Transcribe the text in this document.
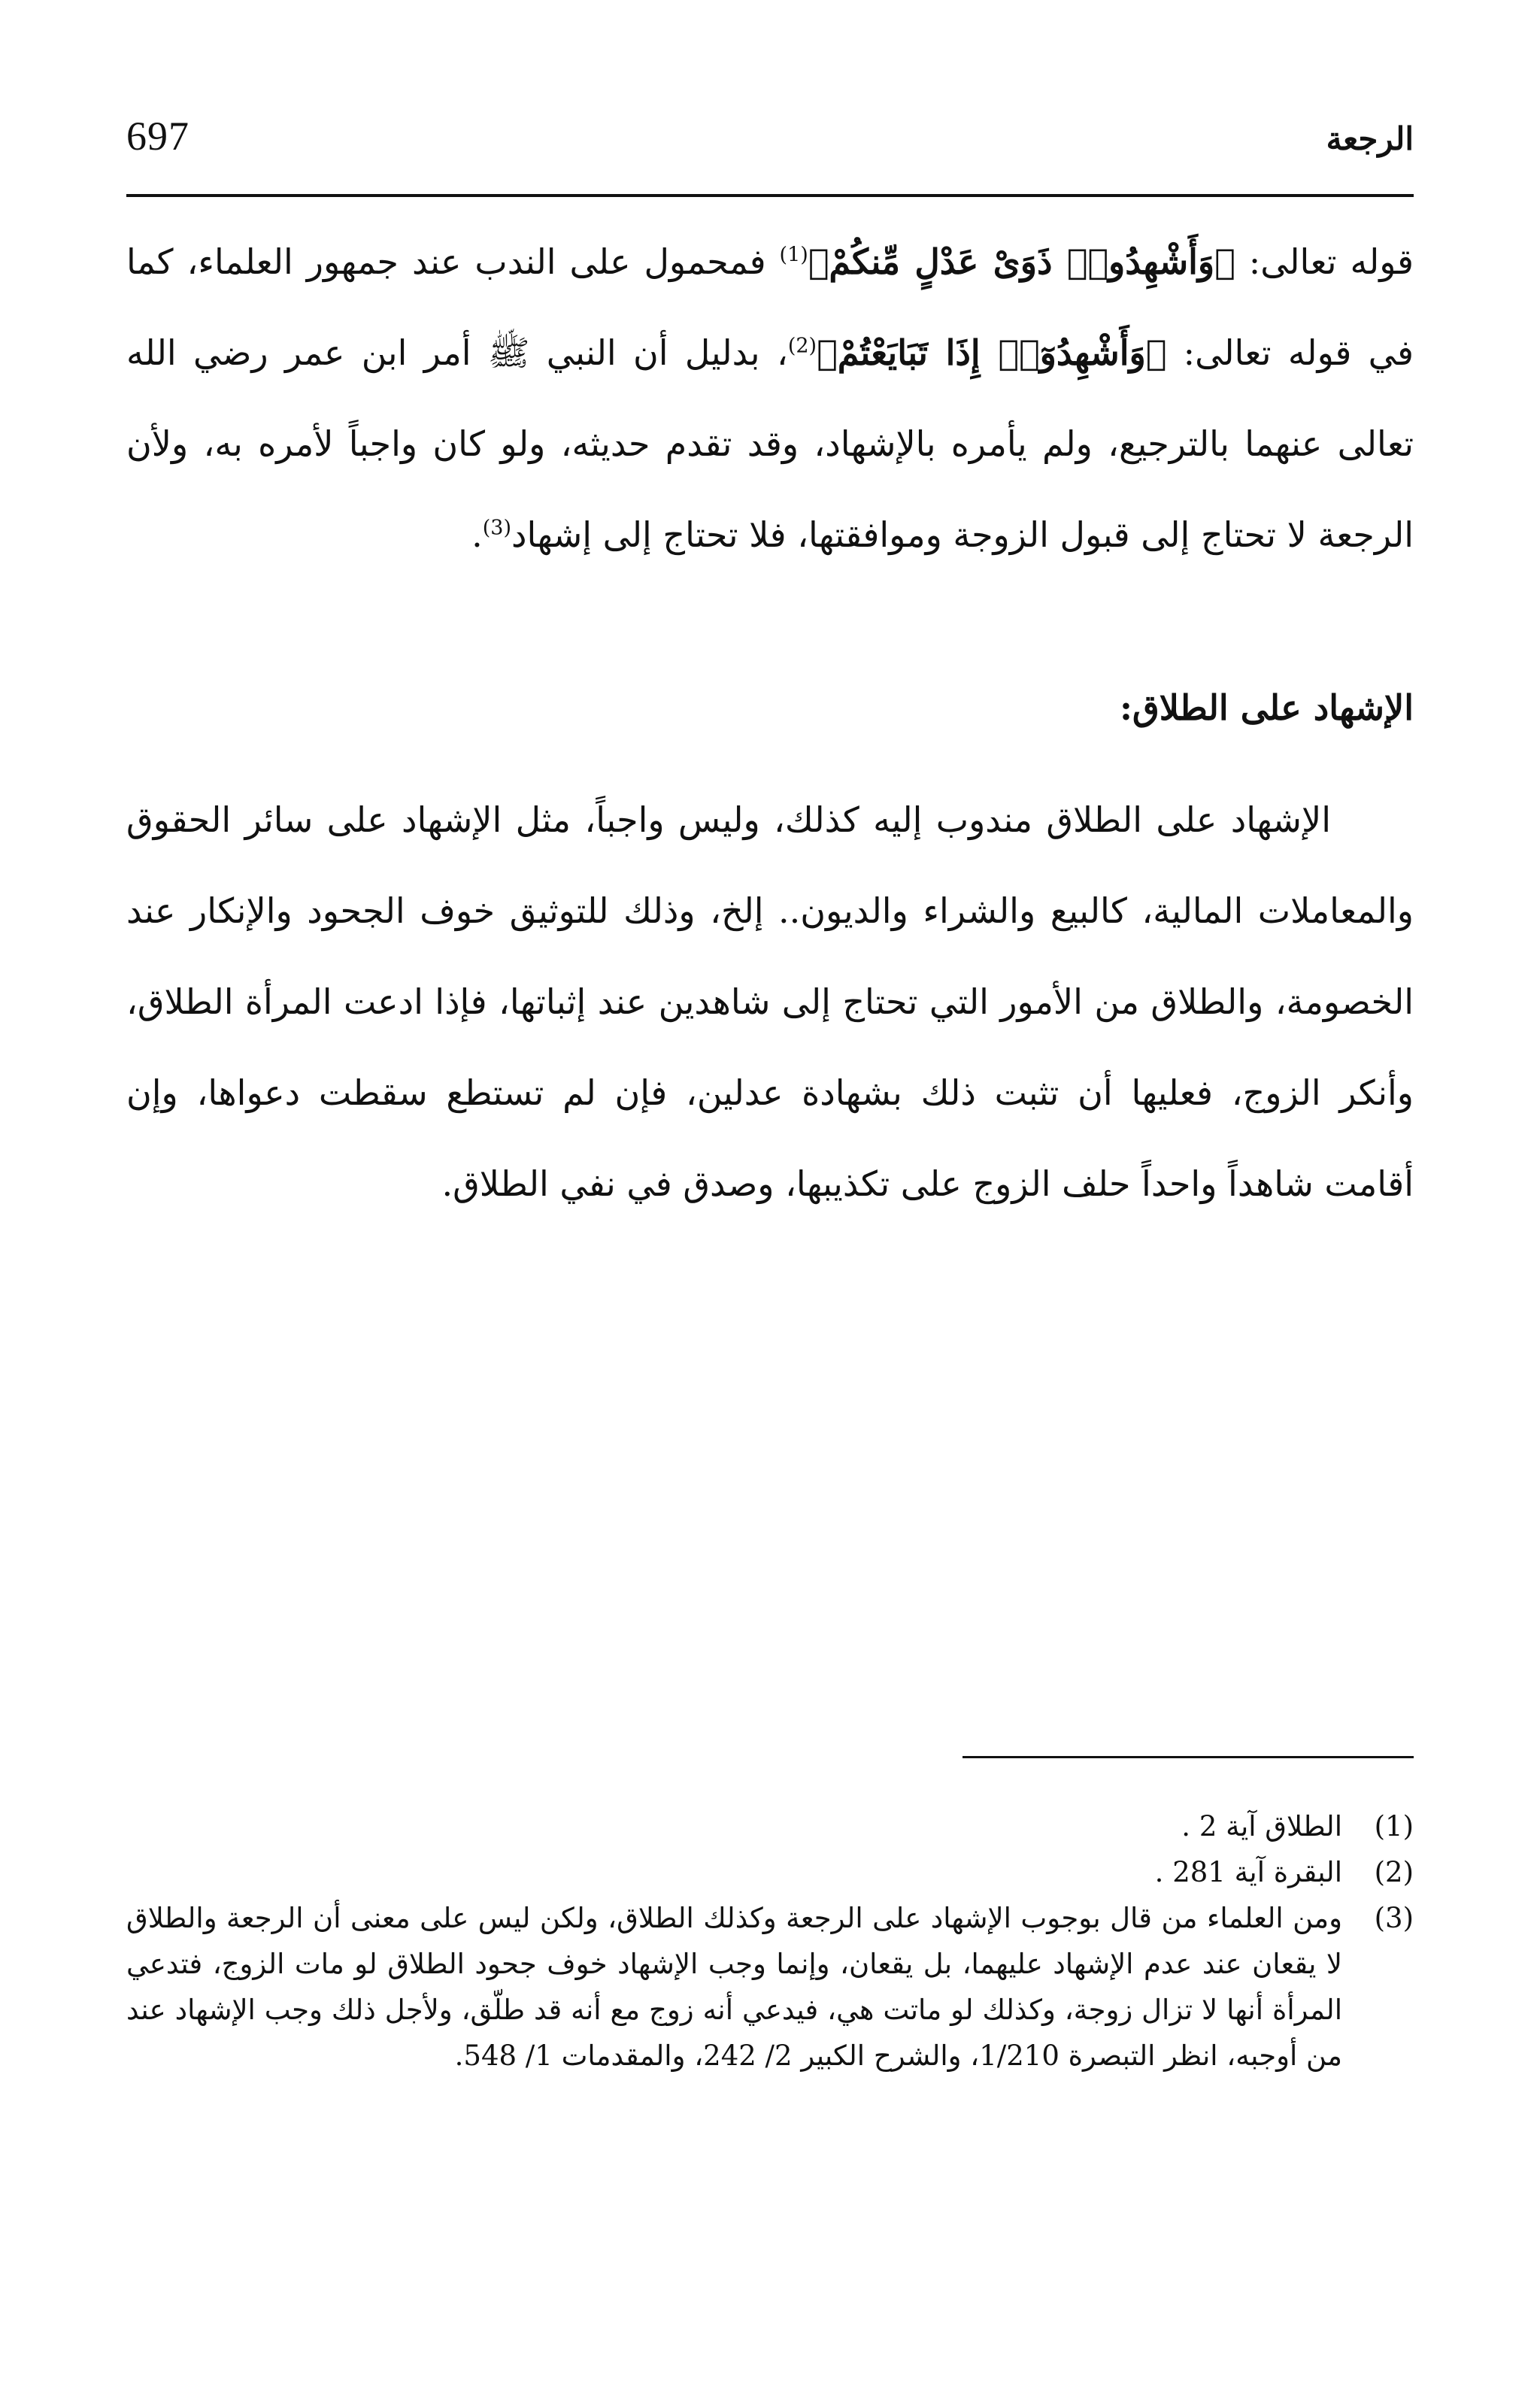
697	الرجعة
قوله تعالى: ﴿وَأَشْهِدُوا۟ ذَوَىْ عَدْلٍ مِّنكُمْ﴾$^{(1)}$ فمحمول على الندب عند جمهور العلماء، كما في قوله تعالى: ﴿وَأَشْهِدُوٓا۟ إِذَا تَبَايَعْتُمْ﴾$^{(2)}$، بدليل أن النبي ﷺ أمر ابن عمر رضي الله تعالى عنهما بالترجيع، ولم يأمره بالإشهاد، وقد تقدم حديثه، ولو كان واجباً لأمره به، ولأن الرجعة لا تحتاج إلى قبول الزوجة وموافقتها، فلا تحتاج إلى إشهاد$^{(3)}$.
الإشهاد على الطلاق:
الإشهاد على الطلاق مندوب إليه كذلك، وليس واجباً، مثل الإشهاد على سائر الحقوق والمعاملات المالية، كالبيع والشراء والديون.. إلخ، وذلك للتوثيق خوف الجحود والإنكار عند الخصومة، والطلاق من الأمور التي تحتاج إلى شاهدين عند إثباتها، فإذا ادعت المرأة الطلاق، وأنكر الزوج، فعليها أن تثبت ذلك بشهادة عدلين، فإن لم تستطع سقطت دعواها، وإن أقامت شاهداً واحداً حلف الزوج على تكذيبها، وصدق في نفي الطلاق.
(1)
الطلاق آية 2 .
(2)
البقرة آية 281 .
(3)
ومن العلماء من قال بوجوب الإشهاد على الرجعة وكذلك الطلاق، ولكن ليس على معنى أن الرجعة والطلاق لا يقعان عند عدم الإشهاد عليهما، بل يقعان، وإنما وجب الإشهاد خوف جحود الطلاق لو مات الزوج، فتدعي المرأة أنها لا تزال زوجة، وكذلك لو ماتت هي، فيدعي أنه زوج مع أنه قد طلّق، ولأجل ذلك وجب الإشهاد عند من أوجبه، انظر التبصرة 1/210، والشرح الكبير 2/ 242، والمقدمات 1/ 548.
